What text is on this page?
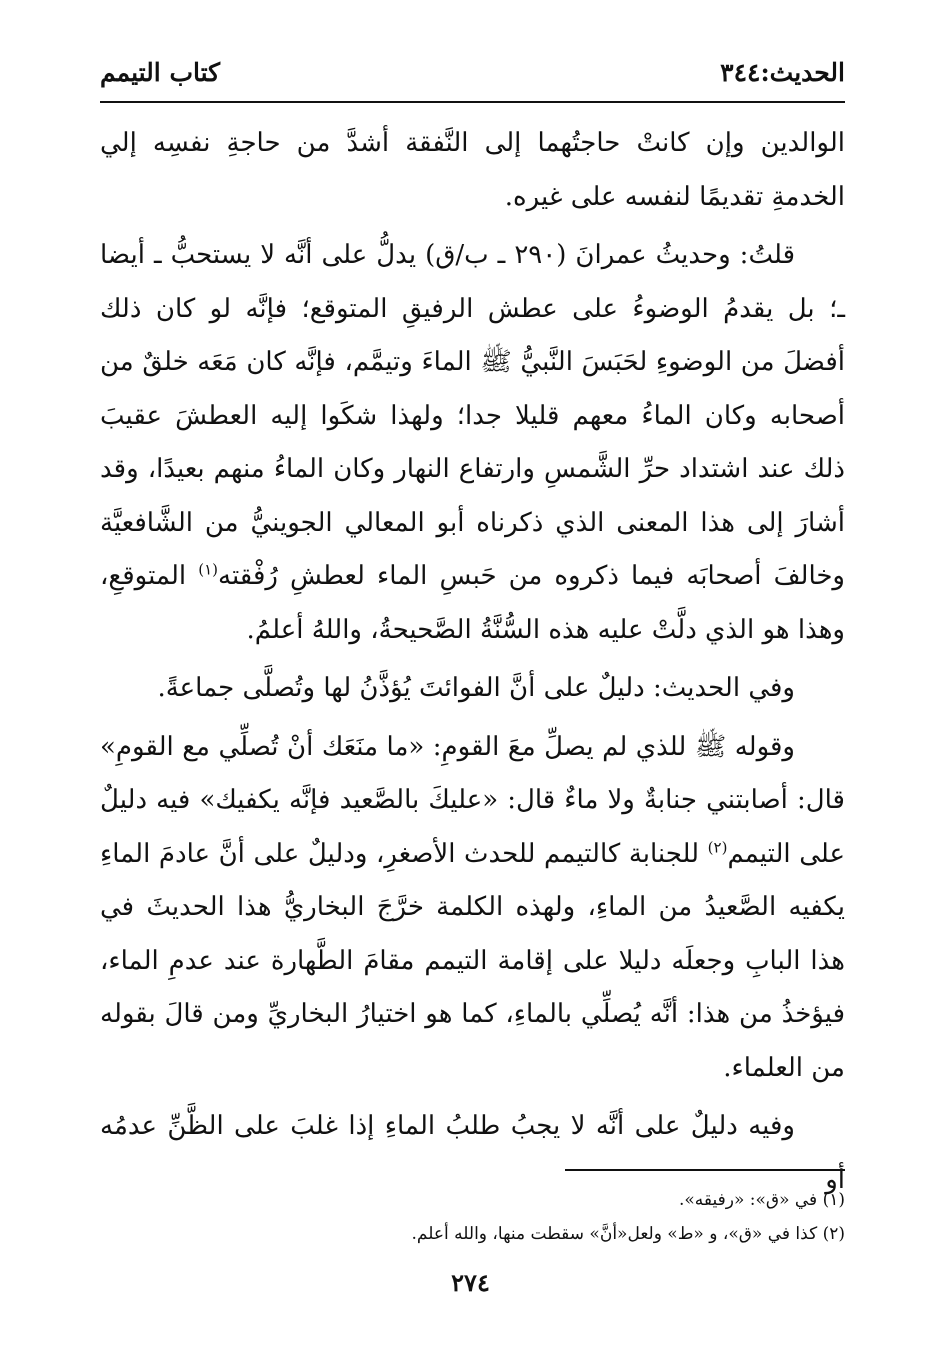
الحديث:٣٤٤
كتاب التيمم

الوالدين وإن كانتْ حاجتُهما إلى النَّفقة أشدَّ من حاجةِ نفسِه إلي الخدمةِ تقديمًا لنفسه على غيره.

قلتُ: وحديثُ عمرانَ (٢٩٠ ـ ب/ق) يدلُّ على أنَّه لا يستحبُّ ـ أيضا ـ؛ بل يقدمُ الوضوءُ على عطش الرفيقِ المتوقع؛ فإنَّه لو كان ذلك أفضلَ من الوضوءِ لحَبَسَ النَّبيُّ ﷺ الماءَ وتيمَّم، فإنَّه كان مَعَه خلقٌ من أصحابه وكان الماءُ معهم قليلا جدا؛ ولهذا شكَوا إليه العطشَ عقيبَ ذلك عند اشتداد حرِّ الشَّمسِ وارتفاع النهار وكان الماءُ منهم بعيدًا، وقد أشارَ إلى هذا المعنى الذي ذكرناه أبو المعالي الجوينيُّ من الشَّافعيَّة وخالفَ أصحابَه فيما ذكروه من حَبسِ الماء لعطشِ رُفْقته$^{(١)}$ المتوقعِ، وهذا هو الذي دلَّتْ عليه هذه السُّنَّةُ الصَّحيحةُ، واللهُ أعلمُ.

وفي الحديث: دليلٌ على أنَّ الفوائتَ يُؤذَّنُ لها وتُصلَّى جماعةً.

وقوله ﷺ للذي لم يصلِّ معَ القومِ: «ما منَعَك أنْ تُصلِّي مع القومِ» قال: أصابتني جنابةٌ ولا ماءٌ قال: «عليكَ بالصَّعيد فإنَّه يكفيك» فيه دليلٌ على التيمم$^{(٢)}$ للجنابة كالتيمم للحدث الأصغرِ، ودليلٌ على أنَّ عادمَ الماءِ يكفيه الصَّعيدُ من الماءِ، ولهذه الكلمة خرَّجَ البخاريُّ هذا الحديثَ في هذا البابِ وجعلَه دليلا على إقامة التيمم مقامَ الطَّهارة عند عدمِ الماء، فيؤخذُ من هذا: أنَّه يُصلِّي بالماءِ، كما هو اختيارُ البخاريِّ ومن قالَ بقوله من العلماء.

وفيه دليلٌ على أنَّه لا يجبُ طلبُ الماءِ إذا غلبَ على الظَّنِّ عدمُه أو

(١) في «ق»: «رفيقه».

(٢) كذا في «ق»، و «ط» ولعل«أنَّ» سقطت منها، والله أعلم.

٢٧٤
